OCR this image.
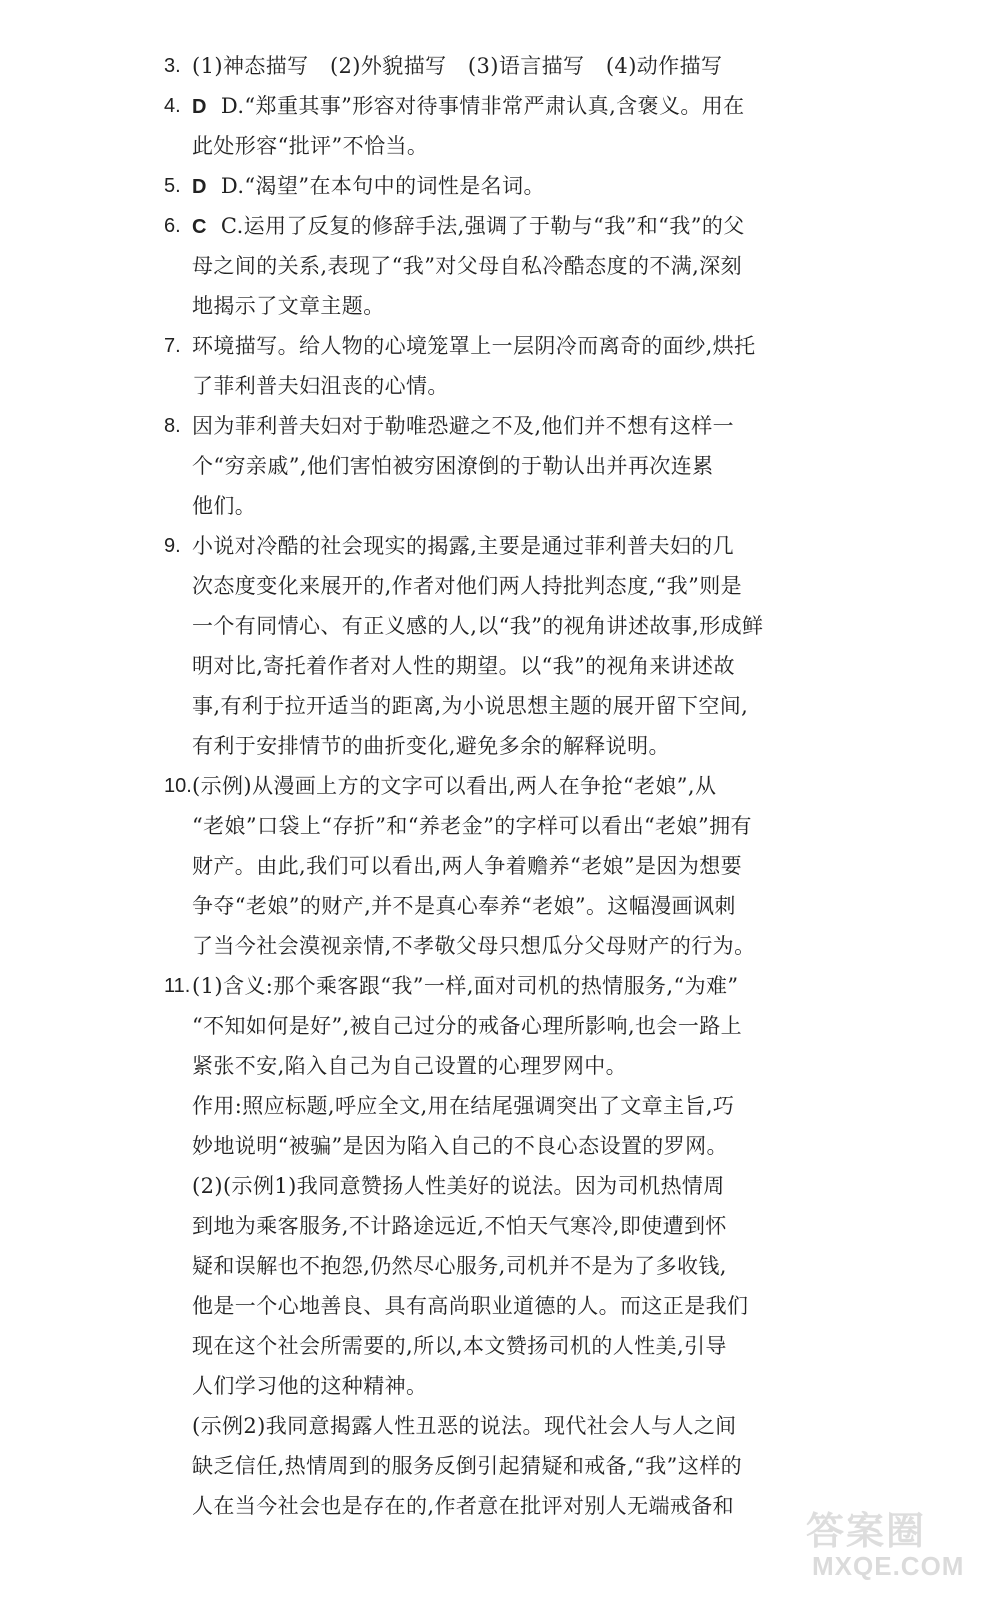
3. (1)神态描写　(2)外貌描写　(3)语言描写　(4)动作描写
4. D D.“郑重其事”形容对待事情非常严肃认真,含褒义。用在
此处形容“批评”不恰当。
5. D D.“渴望”在本句中的词性是名词。
6. C C.运用了反复的修辞手法,强调了于勒与“我”和“我”的父
母之间的关系,表现了“我”对父母自私冷酷态度的不满,深刻
地揭示了文章主题。
7. 环境描写。给人物的心境笼罩上一层阴冷而离奇的面纱,烘托
了菲利普夫妇沮丧的心情。
8. 因为菲利普夫妇对于勒唯恐避之不及,他们并不想有这样一
个“穷亲戚”,他们害怕被穷困潦倒的于勒认出并再次连累
他们。
9. 小说对冷酷的社会现实的揭露,主要是通过菲利普夫妇的几
次态度变化来展开的,作者对他们两人持批判态度,“我”则是
一个有同情心、有正义感的人,以“我”的视角讲述故事,形成鲜
明对比,寄托着作者对人性的期望。以“我”的视角来讲述故
事,有利于拉开适当的距离,为小说思想主题的展开留下空间,
有利于安排情节的曲折变化,避免多余的解释说明。
10. (示例)从漫画上方的文字可以看出,两人在争抢“老娘”,从
“老娘”口袋上“存折”和“养老金”的字样可以看出“老娘”拥有
财产。由此,我们可以看出,两人争着赡养“老娘”是因为想要
争夺“老娘”的财产,并不是真心奉养“老娘”。这幅漫画讽刺
了当今社会漠视亲情,不孝敬父母只想瓜分父母财产的行为。
11. (1)含义:那个乘客跟“我”一样,面对司机的热情服务,“为难”
“不知如何是好”,被自己过分的戒备心理所影响,也会一路上
紧张不安,陷入自己为自己设置的心理罗网中。
作用:照应标题,呼应全文,用在结尾强调突出了文章主旨,巧
妙地说明“被骗”是因为陷入自己的不良心态设置的罗网。
(2)(示例1)我同意赞扬人性美好的说法。因为司机热情周
到地为乘客服务,不计路途远近,不怕天气寒冷,即使遭到怀
疑和误解也不抱怨,仍然尽心服务,司机并不是为了多收钱,
他是一个心地善良、具有高尚职业道德的人。而这正是我们
现在这个社会所需要的,所以,本文赞扬司机的人性美,引导
人们学习他的这种精神。
(示例2)我同意揭露人性丑恶的说法。现代社会人与人之间
缺乏信任,热情周到的服务反倒引起猜疑和戒备,“我”这样的
人在当今社会也是存在的,作者意在批评对别人无端戒备和
答案圈
MXQE.COM
